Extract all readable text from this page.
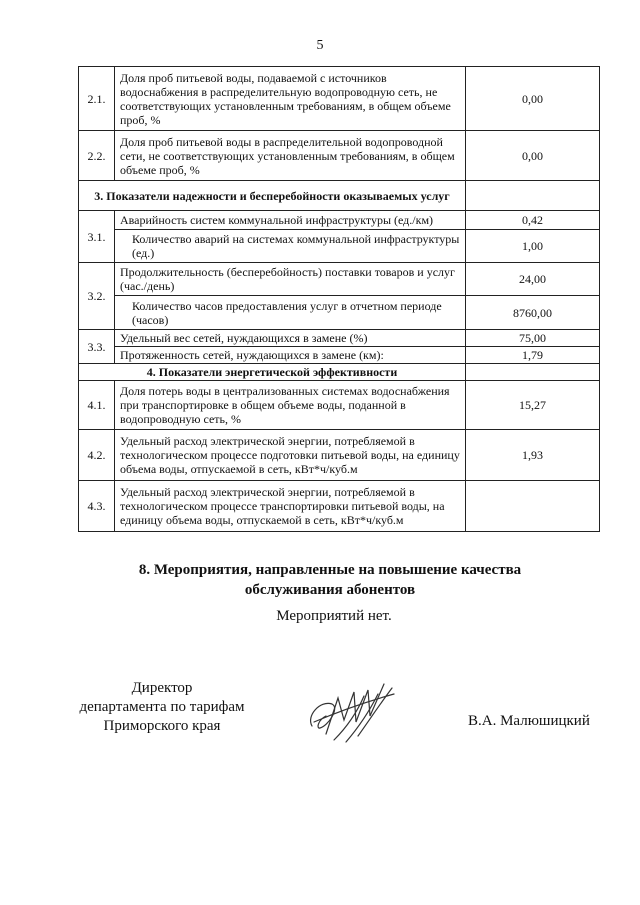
5
2.1.	Доля проб питьевой воды, подаваемой с источников водоснабжения в распределительную водопроводную сеть, не соответствующих установленным требованиям, в общем объеме проб, %	0,00
2.2.	Доля проб питьевой воды в распределительной водопроводной сети, не соответствующих установленным требованиям, в общем объеме проб, %	0,00
3. Показатели надежности и бесперебойности оказываемых услуг		
3.1.	Аварийность систем коммунальной инфраструктуры (ед./км)	0,42

	Количество аварий на системах коммунальной инфраструктуры (ед.)	1,00
3.2.	Продолжительность (бесперебойность) поставки товаров и услуг (час./день)	24,00

	Количество часов предоставления услуг в отчетном периоде (часов)	8760,00
3.3.	Удельный вес сетей, нуждающихся в замене (%)	75,00
	Протяженность сетей, нуждающихся в замене (км):	1,79
4. Показатели энергетической эффективности		
4.1.	Доля потерь воды в централизованных системах водоснабжения при транспортировке в общем объеме воды, поданной в водопроводную сеть, %	15,27
4.2.	Удельный расход электрической энергии, потребляемой в технологическом процессе подготовки питьевой воды, на единицу объема воды, отпускаемой в сеть, кВт*ч/куб.м	1,93
4.3.	Удельный расход электрической энергии, потребляемой в технологическом процессе транспортировки питьевой воды, на единицу объема воды, отпускаемой в сеть, кВт*ч/куб.м	
8. Мероприятия, направленные на повышение качества
обслуживания абонентов
Мероприятий нет.
Директор
департамента по тарифам
Приморского края	В.А. Малюшицкий
